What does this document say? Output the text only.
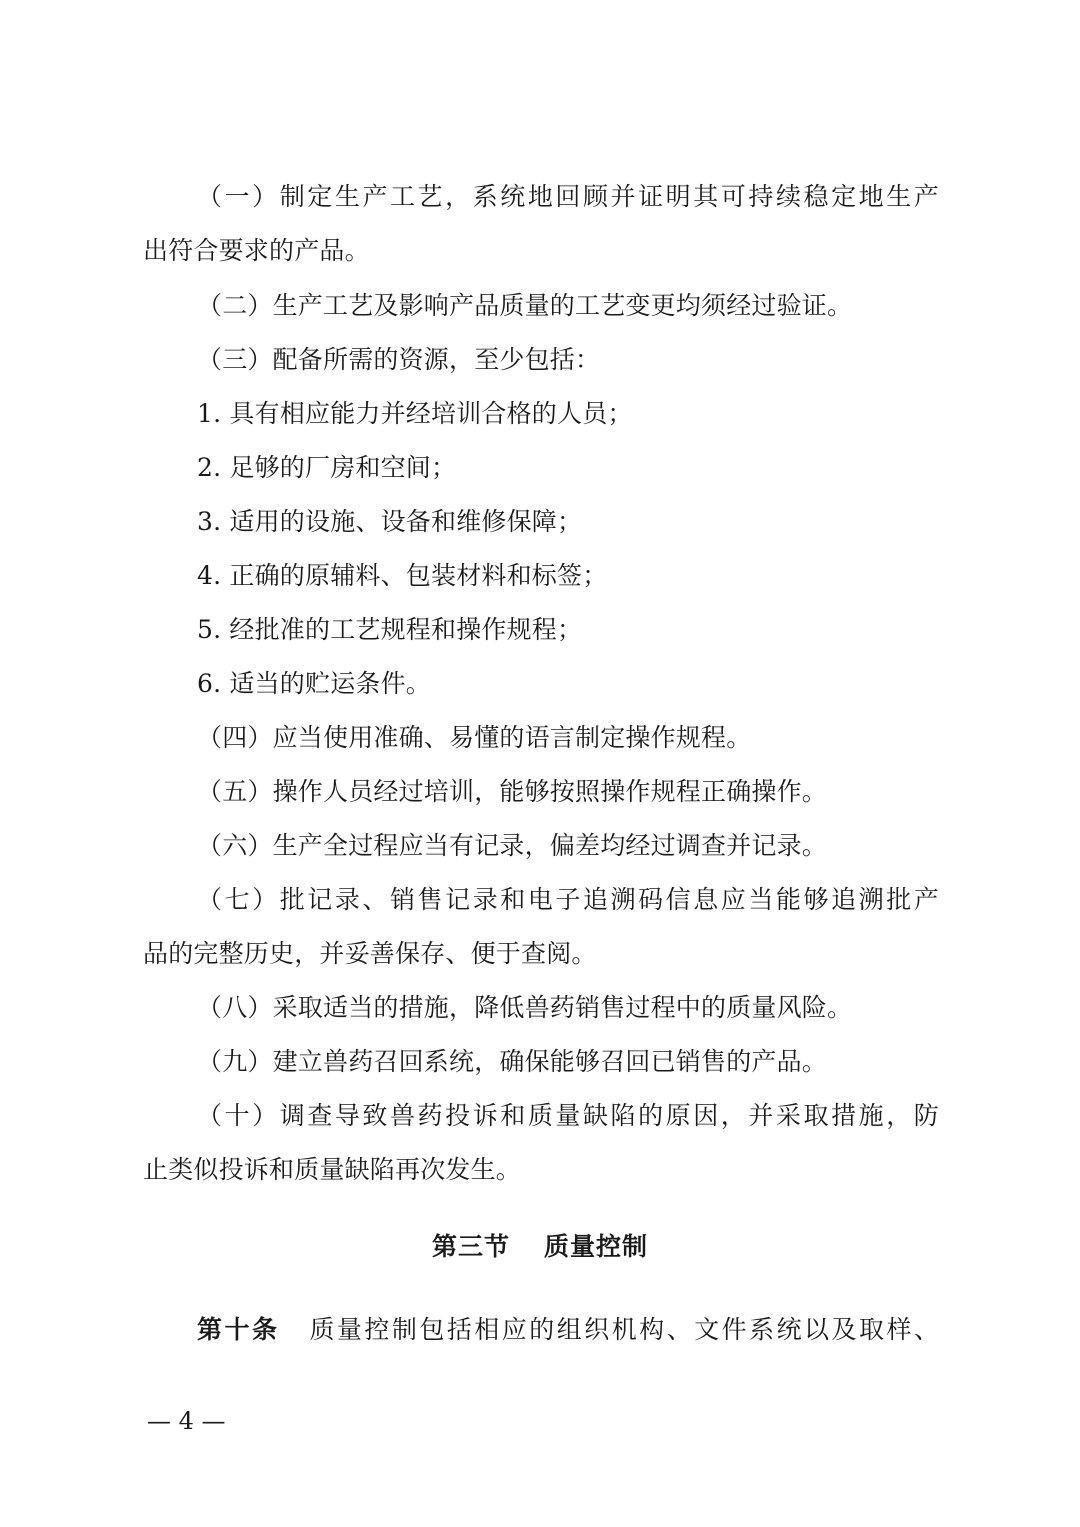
（一）制定生产工艺，系统地回顾并证明其可持续稳定地生产
出符合要求的产品。
（二）生产工艺及影响产品质量的工艺变更均须经过验证。
（三）配备所需的资源，至少包括：
1. 具有相应能力并经培训合格的人员；
2. 足够的厂房和空间；
3. 适用的设施、设备和维修保障；
4. 正确的原辅料、包装材料和标签；
5. 经批准的工艺规程和操作规程；
6. 适当的贮运条件。
（四）应当使用准确、易懂的语言制定操作规程。
（五）操作人员经过培训，能够按照操作规程正确操作。
（六）生产全过程应当有记录，偏差均经过调查并记录。
（七）批记录、销售记录和电子追溯码信息应当能够追溯批产
品的完整历史，并妥善保存、便于查阅。
（八）采取适当的措施，降低兽药销售过程中的质量风险。
（九）建立兽药召回系统，确保能够召回已销售的产品。
（十）调查导致兽药投诉和质量缺陷的原因，并采取措施，防
止类似投诉和质量缺陷再次发生。
第三节 质量控制
第十条 质量控制包括相应的组织机构、文件系统以及取样、
— 4 —
